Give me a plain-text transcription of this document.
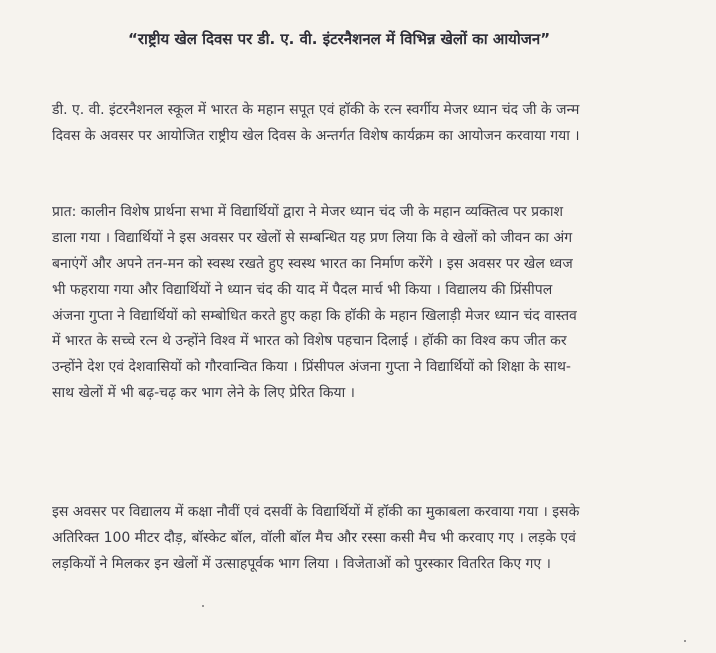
“राष्ट्रीय खेल दिवस पर डी. ए. वी. इंटरनैशनल में विभिन्न खेलों का आयोजन”
डी. ए. वी. इंटरनैशनल स्कूल में भारत के महान सपूत एवं हॉकी के रत्न स्वर्गीय मेजर ध्यान चंद जी के जन्म
दिवस के अवसर पर आयोजित राष्ट्रीय खेल दिवस के अन्तर्गत विशेष कार्यक्रम का आयोजन करवाया गया ।
प्रात: कालीन विशेष प्रार्थना सभा में विद्यार्थियों द्वारा ने मेजर ध्यान चंद जी के महान व्यक्तित्व पर प्रकाश
डाला गया । विद्यार्थियों ने इस अवसर पर खेलों से सम्बन्धित यह प्रण लिया कि वे खेलों को जीवन का अंग
बनाएंगें और अपने तन-मन को स्वस्थ रखते हुए स्वस्थ भारत का निर्माण करेंगे । इस अवसर पर खेल ध्वज
भी फहराया गया और विद्यार्थियों ने ध्यान चंद की याद में पैदल मार्च भी किया । विद्यालय की प्रिंसीपल
अंजना गुप्ता ने विद्यार्थियों को सम्बोधित करते हुए कहा कि हॉकी के महान खिलाड़ी मेजर ध्यान चंद वास्तव
में भारत के सच्चे रत्न थे उन्होंने विश्व में भारत को विशेष पहचान दिलाई । हॉकी का विश्व कप जीत कर
उन्होंने देश एवं देशवासियों को गौरवान्वित किया । प्रिंसीपल अंजना गुप्ता ने विद्यार्थियों को शिक्षा के साथ-
साथ खेलों में भी बढ़-चढ़ कर भाग लेने के लिए प्रेरित किया ।
इस अवसर पर विद्यालय में कक्षा नौवीं एवं दसवीं के विद्यार्थियों में हॉकी का मुकाबला करवाया गया । इसके
अतिरिक्त 100 मीटर दौड़, बॉस्केट बॉल, वॉली बॉल मैच और रस्सा कसी मैच भी करवाए गए । लड़के एवं
लड़कियों ने मिलकर इन खेलों में उत्साहपूर्वक भाग लिया । विजेताओं को पुरस्कार वितरित किए गए ।
